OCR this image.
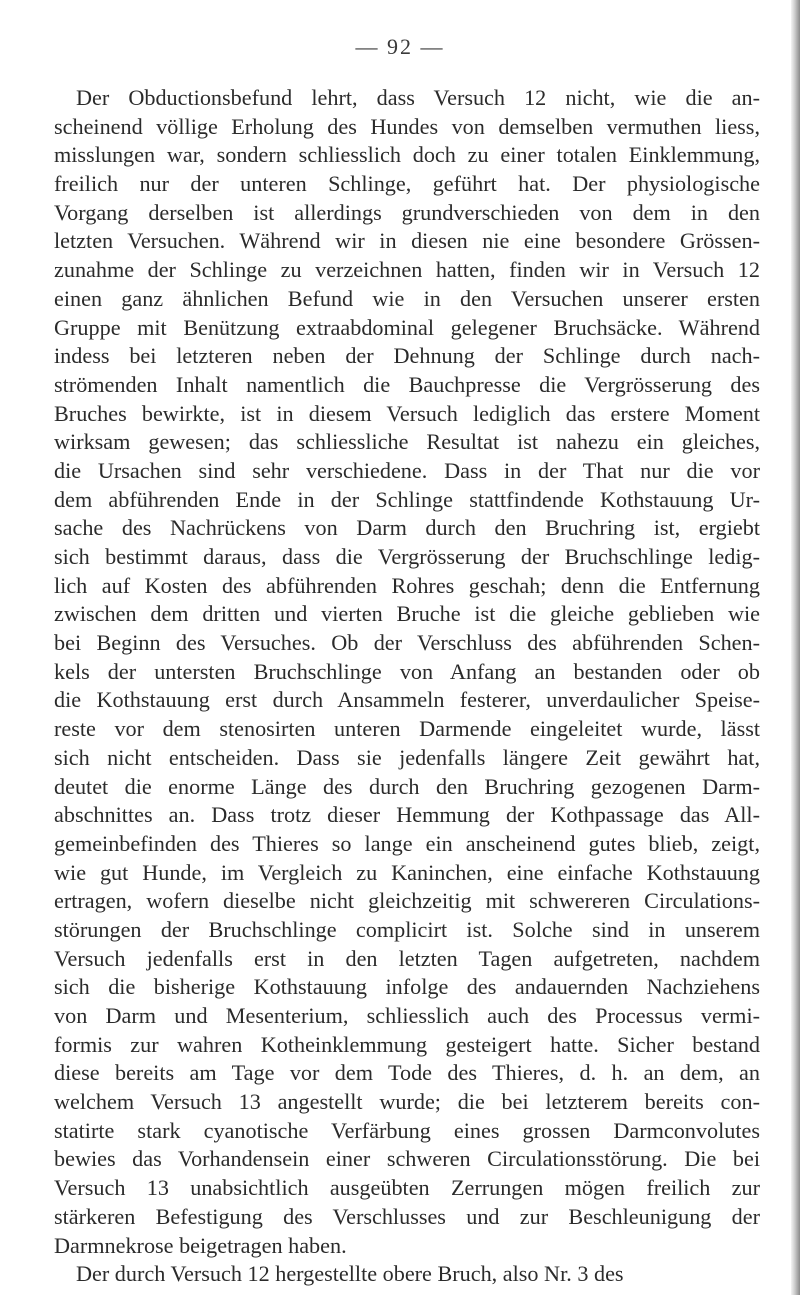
— 92 —
Der Obductionsbefund lehrt, dass Versuch 12 nicht, wie die an-
scheinend völlige Erholung des Hundes von demselben vermuthen liess,
misslungen war, sondern schliesslich doch zu einer totalen Einklemmung,
freilich nur der unteren Schlinge, geführt hat. Der physiologische
Vorgang derselben ist allerdings grundverschieden von dem in den
letzten Versuchen. Während wir in diesen nie eine besondere Grössen-
zunahme der Schlinge zu verzeichnen hatten, finden wir in Versuch 12
einen ganz ähnlichen Befund wie in den Versuchen unserer ersten
Gruppe mit Benützung extraabdominal gelegener Bruchsäcke. Während
indess bei letzteren neben der Dehnung der Schlinge durch nach-
strömenden Inhalt namentlich die Bauchpresse die Vergrösserung des
Bruches bewirkte, ist in diesem Versuch lediglich das erstere Moment
wirksam gewesen; das schliessliche Resultat ist nahezu ein gleiches,
die Ursachen sind sehr verschiedene. Dass in der That nur die vor
dem abführenden Ende in der Schlinge stattfindende Kothstauung Ur-
sache des Nachrückens von Darm durch den Bruchring ist, ergiebt
sich bestimmt daraus, dass die Vergrösserung der Bruchschlinge ledig-
lich auf Kosten des abführenden Rohres geschah; denn die Entfernung
zwischen dem dritten und vierten Bruche ist die gleiche geblieben wie
bei Beginn des Versuches. Ob der Verschluss des abführenden Schen-
kels der untersten Bruchschlinge von Anfang an bestanden oder ob
die Kothstauung erst durch Ansammeln festerer, unverdaulicher Speise-
reste vor dem stenosirten unteren Darmende eingeleitet wurde, lässt
sich nicht entscheiden. Dass sie jedenfalls längere Zeit gewährt hat,
deutet die enorme Länge des durch den Bruchring gezogenen Darm-
abschnittes an. Dass trotz dieser Hemmung der Kothpassage das All-
gemeinbefinden des Thieres so lange ein anscheinend gutes blieb, zeigt,
wie gut Hunde, im Vergleich zu Kaninchen, eine einfache Kothstauung
ertragen, wofern dieselbe nicht gleichzeitig mit schwereren Circulations-
störungen der Bruchschlinge complicirt ist. Solche sind in unserem
Versuch jedenfalls erst in den letzten Tagen aufgetreten, nachdem
sich die bisherige Kothstauung infolge des andauernden Nachziehens
von Darm und Mesenterium, schliesslich auch des Processus vermi-
formis zur wahren Kotheinklemmung gesteigert hatte. Sicher bestand
diese bereits am Tage vor dem Tode des Thieres, d. h. an dem, an
welchem Versuch 13 angestellt wurde; die bei letzterem bereits con-
statirte stark cyanotische Verfärbung eines grossen Darmconvolutes
bewies das Vorhandensein einer schweren Circulationsstörung. Die bei
Versuch 13 unabsichtlich ausgeübten Zerrungen mögen freilich zur
stärkeren Befestigung des Verschlusses und zur Beschleunigung der
Darmnekrose beigetragen haben.
Der durch Versuch 12 hergestellte obere Bruch, also Nr. 3 des
